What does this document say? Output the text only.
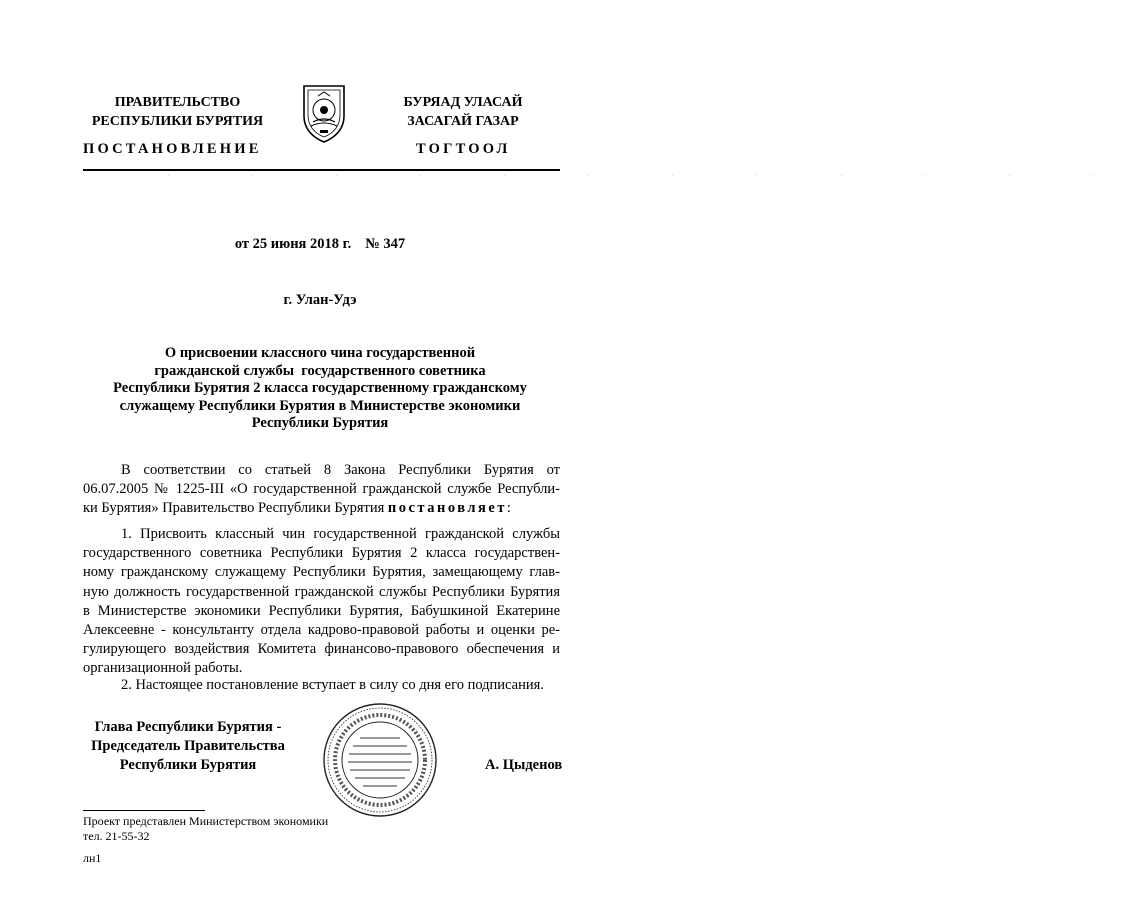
ПРАВИТЕЛЬСТВО
РЕСПУБЛИКИ БУРЯТИЯ
БУРЯАД УЛАСАЙ
ЗАСАГАЙ ГАЗАР
ПОСТАНОВЛЕНИЕ	ТОГТООЛ
· · · · · · · · · · · · ·
от 25 июня 2018 г. № 347
г. Улан-Удэ
О присвоении классного чина государственной
гражданской службы  государственного советника
Республики Бурятия 2 класса государственному гражданскому
служащему Республики Бурятия в Министерстве экономики
Республики Бурятия
В соответствии со статьей 8 Закона Республики Бурятия от
06.07.2005 № 1225-III «О государственной гражданской службе Республи-
ки Бурятия» Правительство Республики Бурятия постановляет:
1. Присвоить классный чин государственной гражданской службы
государственного советника Республики Бурятия 2 класса государствен-
ному гражданскому служащему Республики Бурятия, замещающему глав-
ную должность государственной гражданской службы Республики Бурятия
в Министерстве экономики Республики Бурятия, Бабушкиной Екатерине
Алексеевне - консультанту отдела кадрово-правовой работы и оценки ре-
гулирующего воздействия Комитета финансово-правового обеспечения и
организационной работы.
2. Настоящее постановление вступает в силу со дня его подписания.
Глава Республики Бурятия -
Председатель Правительства
Республики Бурятия	А. Цыденов
Проект представлен Министерством экономики
тел. 21-55-32
лн1
